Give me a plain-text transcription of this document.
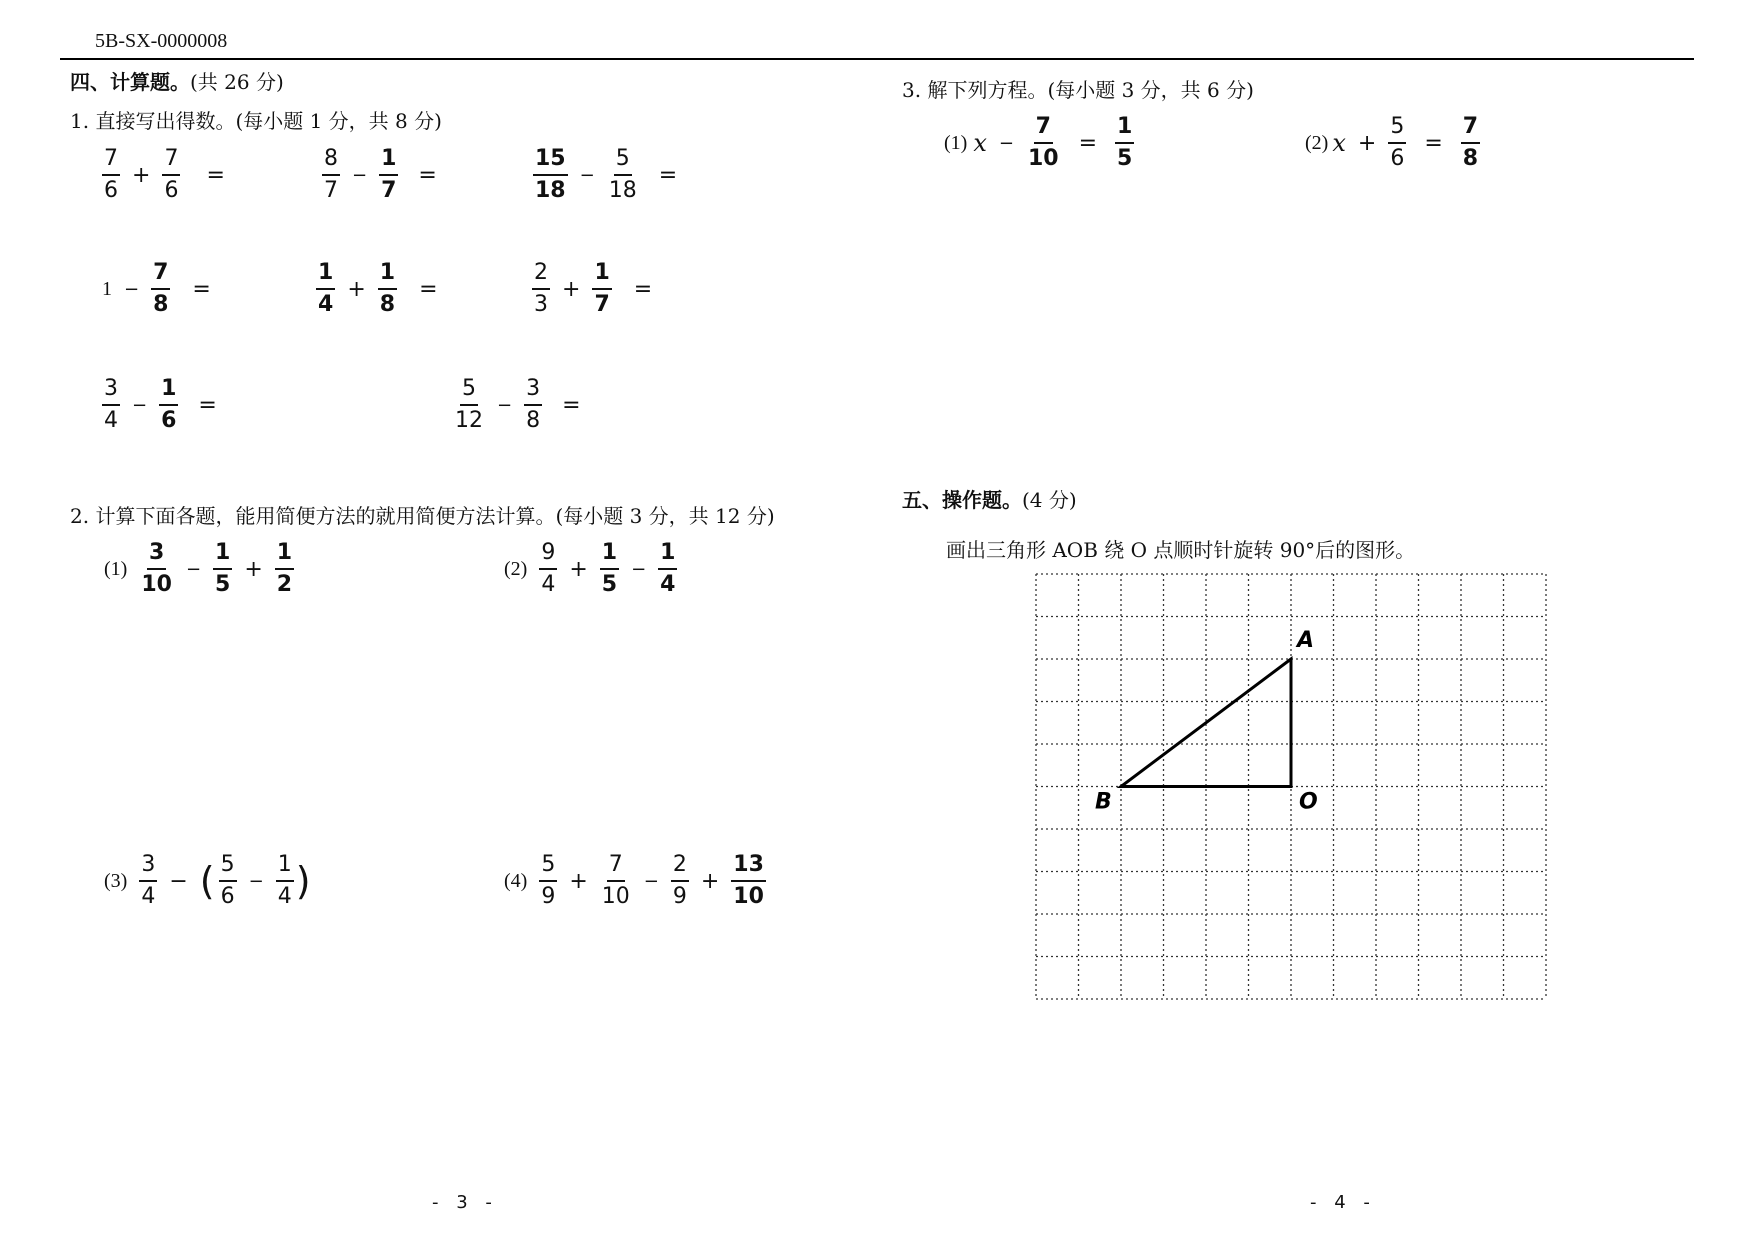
5B-SX-0000008
四、计算题。(共 26 分)
1. 直接写出得数。(每小题 1 分，共 8 分)
$\frac{7}{6} + \frac{7}{6}$ =	$\frac{8}{7} - \frac{1}{7}$ =	$\frac{15}{18} - \frac{5}{18}$ =
$1 - \frac{7}{8}$ =	$\frac{1}{4} + \frac{1}{8}$ =	$\frac{2}{3} + \frac{1}{7}$ =
$\frac{3}{4} - \frac{1}{6}$ =	$\frac{5}{12} - \frac{3}{8}$ =
2. 计算下面各题，能用简便方法的就用简便方法计算。(每小题 3 分，共 12 分)
$(1) \frac{3}{10} - \frac{1}{5} + \frac{1}{2}$	$(2) \frac{9}{4} + \frac{1}{5} - \frac{1}{4}$
$(3) \frac{3}{4}$ − ( $\frac{5}{6} - \frac{1}{4}$ )	$(4) \frac{5}{9} + \frac{7}{10} - \frac{2}{9} + \frac{13}{10}$
3. 解下列方程。(每小题 3 分，共 6 分)
(1) $x - \frac{7}{10} = \frac{1}{5}$	(2) $x + \frac{5}{6} = \frac{7}{8}$
五、操作题。(4 分)
画出三角形 AOB 绕 O 点顺时针旋转 90°后的图形。
A
B	O
- 3 -	- 4 -
